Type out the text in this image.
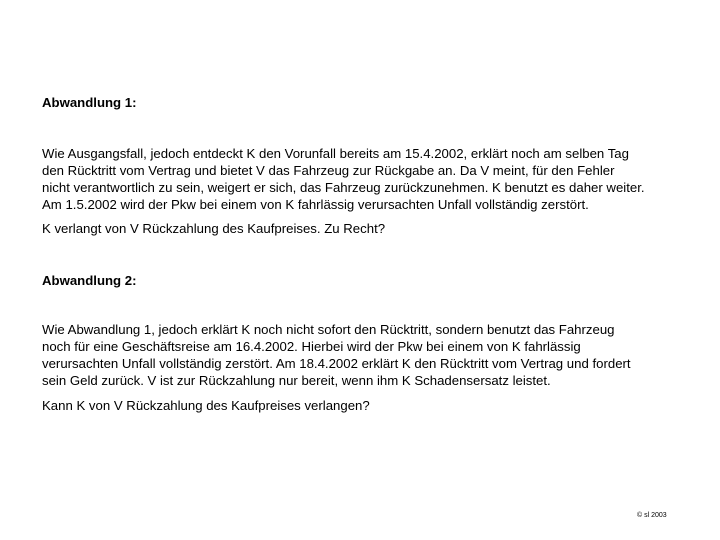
Abwandlung 1:

Wie Ausgangsfall, jedoch entdeckt K den Vorunfall bereits am 15.4.2002, erklärt noch am selben Tag
den Rücktritt vom Vertrag und bietet V das Fahrzeug zur Rückgabe an. Da V meint, für den Fehler
nicht verantwortlich zu sein, weigert er sich, das Fahrzeug zurückzunehmen. K benutzt es daher weiter.
Am 1.5.2002 wird der Pkw bei einem von K fahrlässig verursachten Unfall vollständig zerstört.

K verlangt von V Rückzahlung des Kaufpreises. Zu Recht?

Abwandlung 2:

Wie Abwandlung 1, jedoch erklärt K noch nicht sofort den Rücktritt, sondern benutzt das Fahrzeug
noch für eine Geschäftsreise am 16.4.2002. Hierbei wird der Pkw bei einem von K fahrlässig
verursachten Unfall vollständig zerstört. Am 18.4.2002 erklärt K den Rücktritt vom Vertrag und fordert
sein Geld zurück. V ist zur Rückzahlung nur bereit, wenn ihm K Schadensersatz leistet.

Kann K von V Rückzahlung des Kaufpreises verlangen?

© sl 2003
